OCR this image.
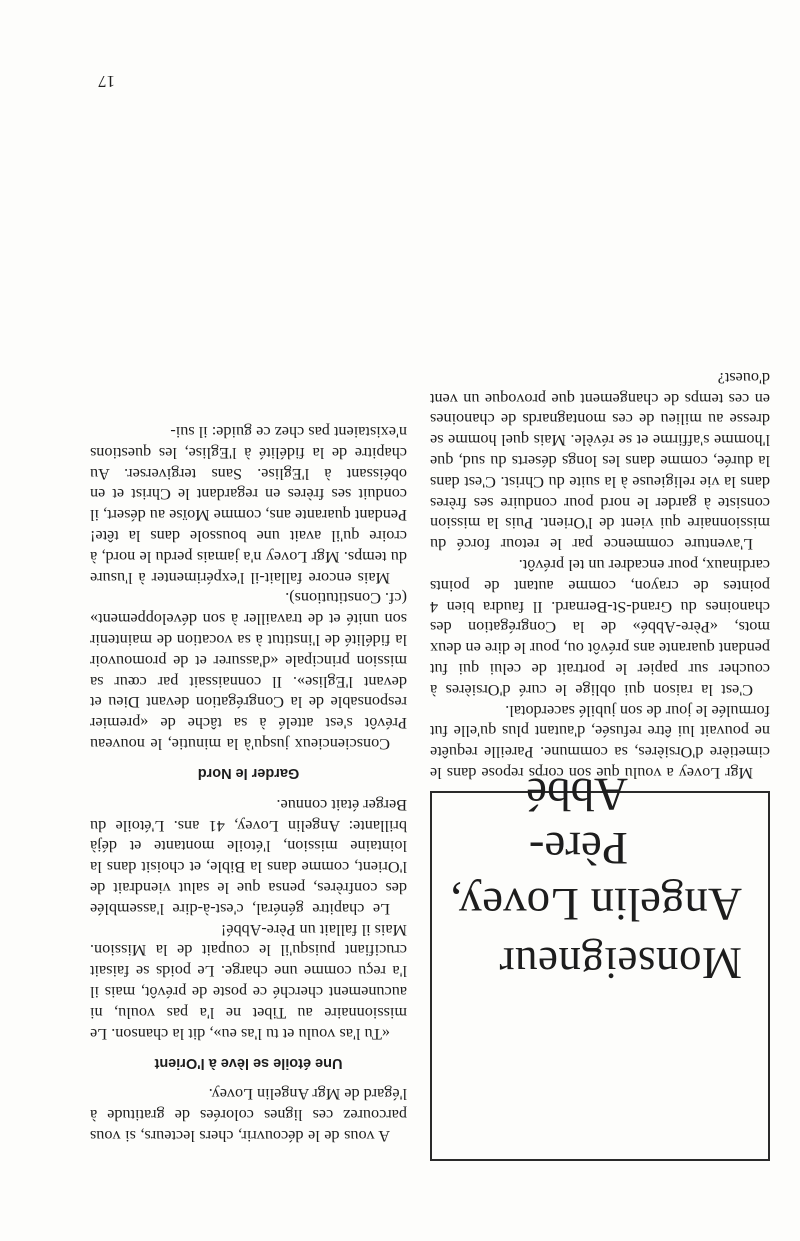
Monseigneur
Angelin Lovey,
Père-Abbé

Mgr Lovey a voulu que son corps repose dans le cimetière d'Orsières, sa commune. Pareille requête ne pouvait lui être refusée, d'autant plus qu'elle fut formulée le jour de son jubilé sacerdotal.

C'est la raison qui oblige le curé d'Orsières à coucher sur papier le portrait de celui qui fut pendant quarante ans prévôt ou, pour le dire en deux mots, «Père-Abbé» de la Congrégation des chanoines du Grand-St-Bernard. Il faudra bien 4 pointes de crayon, comme autant de points cardinaux, pour encadrer un tel prévôt.

L'aventure commence par le retour forcé du missionnaire qui vient de l'Orient. Puis la mission consiste à garder le nord pour conduire ses frères dans la vie religieuse à la suite du Christ. C'est dans la durée, comme dans les longs déserts du sud, que l'homme s'affirme et se révèle. Mais quel homme se dresse au milieu de ces montagnards de chanoines en ces temps de changement que provoque un vent d'ouest?

A vous de le découvrir, chers lecteurs, si vous parcourez ces lignes colorées de gratitude à l'égard de Mgr Angelin Lovey.

Une étoile se lève à l'Orient

«Tu l'as voulu et tu l'as eu», dit la chanson. Le missionnaire au Tibet ne l'a pas voulu, ni aucunement cherché ce poste de prévôt, mais il l'a reçu comme une charge. Le poids se faisait crucifiant puisqu'il le coupait de la Mission. Mais il fallait un Père-Abbé!

Le chapitre général, c'est-à-dire l'assemblée des confrères, pensa que le salut viendrait de l'Orient, comme dans la Bible, et choisit dans la lointaine mission, l'étoile montante et déjà brillante: Angelin Lovey, 41 ans. L'étoile du Berger était connue.

Garder le Nord

Consciencieux jusqu'à la minutie, le nouveau Prévôt s'est attelé à sa tâche de «premier responsable de la Congrégation devant Dieu et devant l'Eglise». Il connaissait par cœur sa mission principale «d'assurer et de promouvoir la fidélité de l'institut à sa vocation de maintenir son unité et de travailler à son développement» (cf. Constitutions).

Mais encore fallait-il l'expérimenter à l'usure du temps. Mgr Lovey n'a jamais perdu le nord, à croire qu'il avait une boussole dans la tête! Pendant quarante ans, comme Moïse au désert, il conduit ses frères en regardant le Christ et en obéissant à l'Eglise. Sans tergiverser. Au chapitre de la fidélité à l'Eglise, les questions n'existaient pas chez ce guide: il sui-

17
